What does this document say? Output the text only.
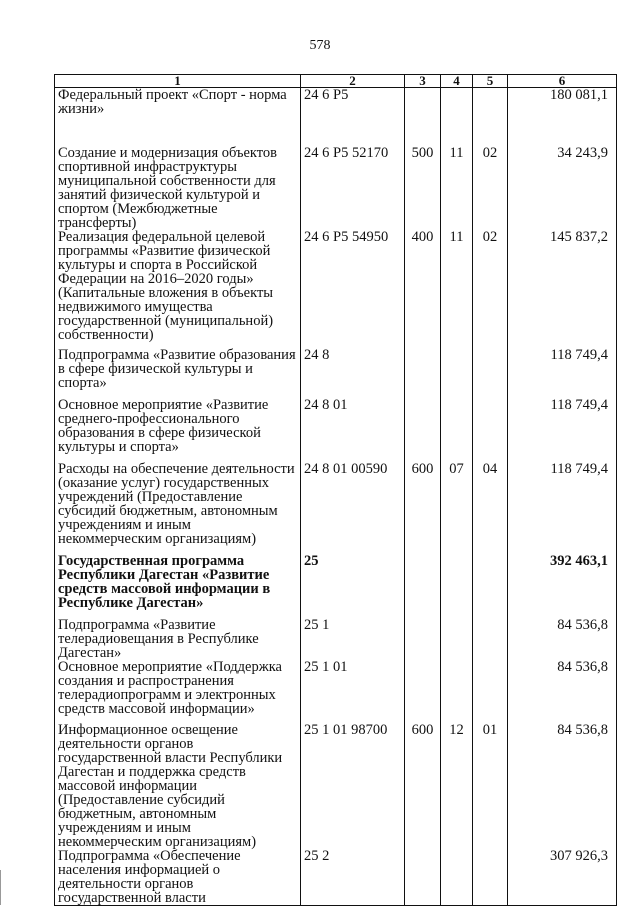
578
1	2	3	4	5	6
Федеральный проект «Спорт - норма жизни»	24 6 P5				180 081,1
Создание и модернизация объектов спортивной инфраструктуры муниципальной собственности для занятий физической культурой и спортом (Межбюджетные трансферты)	24 6 P5 52170	500	11	02	34 243,9
Реализация федеральной целевой программы «Развитие физической культуры и спорта в Российской Федерации на 2016–2020 годы» (Капитальные вложения в объекты недвижимого имущества государственной (муниципальной) собственности)	24 6 P5 54950	400	11	02	145 837,2
Подпрограмма «Развитие образования в сфере физической культуры и спорта»	24 8				118 749,4
Основное мероприятие «Развитие среднего-профессионального образования в сфере физической культуры и спорта»	24 8 01				118 749,4
Расходы на обеспечение деятельности (оказание услуг) государственных учреждений (Предоставление субсидий бюджетным, автономным учреждениям и иным некоммерческим организациям)	24 8 01 00590	600	07	04	118 749,4
Государственная программа Республики Дагестан «Развитие средств массовой информации в Республике Дагестан»	25				392 463,1
Подпрограмма «Развитие телерадиовещания в Республике Дагестан»	25 1				84 536,8
Основное мероприятие «Поддержка создания и распространения телерадиопрограмм и электронных средств массовой информации»	25 1 01				84 536,8
Информационное освещение деятельности органов государственной власти Республики Дагестан и поддержка средств массовой информации (Предоставление субсидий бюджетным, автономным учреждениям и иным некоммерческим организациям)	25 1 01 98700	600	12	01	84 536,8
Подпрограмма «Обеспечение населения информацией о деятельности органов государственной власти	25 2				307 926,3
